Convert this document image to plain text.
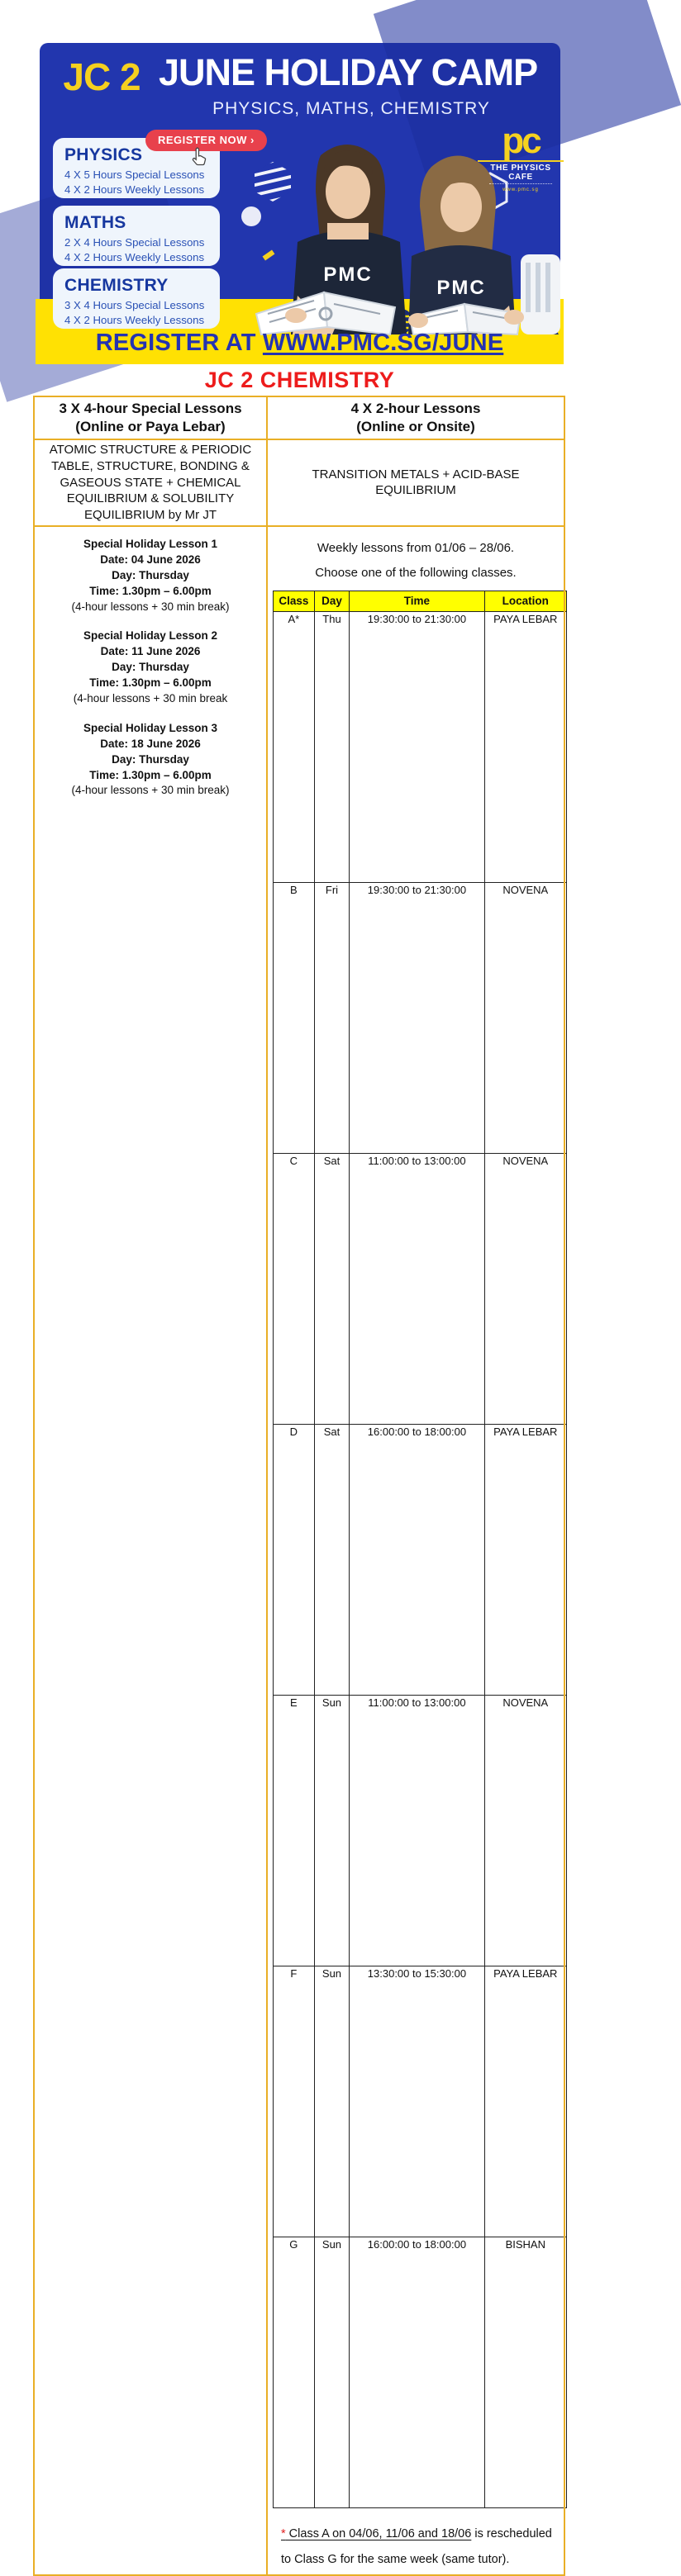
PMC
PMC
JC 2 JUNE HOLIDAY CAMP
PHYSICS, MATHS, CHEMISTRY
REGISTER NOW ›
PHYSICS
4 X 5 Hours Special Lessons
4 X 2 Hours Weekly Lessons
MATHS
2 X 4 Hours Special Lessons
4 X 2 Hours Weekly Lessons
CHEMISTRY
3 X 4 Hours Special Lessons
4 X 2 Hours Weekly Lessons
pc
THE PHYSICS CAFE
www.pmc.sg
REGISTER AT WWW.PMC.SG/JUNE
JC 2 CHEMISTRY
3 X 4-hour Special Lessons
(Online or Paya Lebar)

4 X 2-hour Lessons
(Online or Onsite)

ATOMIC STRUCTURE & PERIODIC TABLE, STRUCTURE, BONDING & GASEOUS STATE + CHEMICAL EQUILIBRIUM & SOLUBILITY EQUILIBRIUM by Mr JT	TRANSITION METALS + ACID-BASE EQUILIBRIUM

Special Holiday Lesson 1
Date: 04 June 2026
Day: Thursday
Time: 1.30pm – 6.00pm
(4-hour lessons + 30 min break)
Special Holiday Lesson 2
Date: 11 June 2026
Day: Thursday
Time: 1.30pm – 6.00pm
(4-hour lessons + 30 min break
Special Holiday Lesson 3
Date: 18 June 2026
Day: Thursday
Time: 1.30pm – 6.00pm
(4-hour lessons + 30 min break)

Weekly lessons from 01/06 – 28/06.

Choose one of the following classes.

Class	Day	Time	Location
A*	Thu	19:30:00 to 21:30:00	PAYA LEBAR
B	Fri	19:30:00 to 21:30:00	NOVENA
C	Sat	11:00:00 to 13:00:00	NOVENA
D	Sat	16:00:00 to 18:00:00	PAYA LEBAR
E	Sun	11:00:00 to 13:00:00	NOVENA
F	Sun	13:30:00 to 15:30:00	PAYA LEBAR
G	Sun	16:00:00 to 18:00:00	BISHAN

* Class A on 04/06, 11/06 and 18/06 is rescheduled to Class G for the same week (same tutor).
